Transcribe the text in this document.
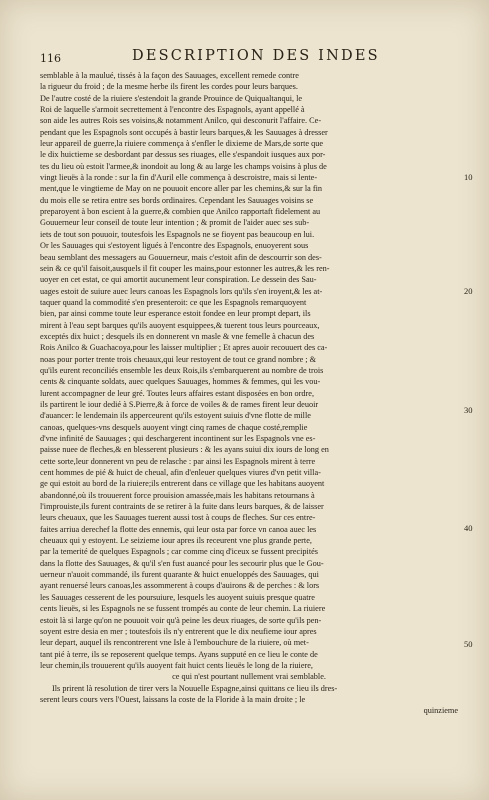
116	DESCRIPTION DES INDES
semblable à la maulué, tissés à la façon des Sauuages, excellent remede contre
la rigueur du froid ; de la mesme herbe ils firent les cordes pour leurs barques.
De l'autre costé de la riuiere s'estendoit la grande Prouince de Quiqualtanqui, le
Roi de laquelle s'armoit secrettement à l'encontre des Espagnols, ayant appellé à
son aide les autres Rois ses voisins,& notamment Anilco, qui desconurit l'affaire. Ce-
pendant que les Espagnols sont occupés à bastir leurs barques,& les Sauuages à dresser
leur appareil de guerre,la riuiere commença à s'enfler le dixieme de Mars,de sorte que
le dix huictieme se desbordant par dessus ses riuages, elle s'espandoit iusques aux por-
tes du lieu où estoit l'armee,& inondoit au long & au large les champs voisins à plus de
vingt lieuës à la ronde : sur la fin d'Auril elle commença à descroistre, mais si lente-
ment,que le vingtieme de May on ne pouuoit encore aller par les chemins,& sur la fin
du mois elle se retira entre ses bords ordinaires. Cependant les Sauuages voisins se
preparoyent à bon escient à la guerre,& combien que Anilco rapportaft fidelement au
Gouuerneur leur conseil de toute leur intention ; & promit de l'aider auec ses sub-
iets de tout son pouuoir, toutesfois les Espagnols ne se fioyent pas beaucoup en lui.
Or les Sauuages qui s'estoyent ligués à l'encontre des Espagnols, enuoyerent sous
beau semblant des messagers au Gouuerneur, mais c'estoit afin de descourrir son des-
sein & ce qu'il faisoit,ausquels il fit couper les mains,pour estonner les autres,& les ren-
uoyer en cet estat, ce qui amortit aucunement leur conspiration. Le dessein des Sau-
uages estoit de suiure auec leurs canoas les Espagnols lors qu'ils s'en iroyent,& les at-
taquer quand la commodité s'en presenteroit: ce que les Espagnols remarquoyent
bien, par ainsi comme toute leur esperance estoit fondee en leur prompt depart, ils
mirent à l'eau sept barques qu'ils auoyent esquippees,& tuerent tous leurs pourceaux,
exceptés dix huict ; desquels ils en donnerent vn masle & vne femelle à chacun des
Rois Anilco & Guachacoya,pour les laisser multiplier ; Et apres auoir recouuert des ca-
noas pour porter trente trois cheuaux,qui leur restoyent de tout ce grand nombre ; &
qu'ils eurent reconciliés ensemble les deux Rois,ils s'embarquerent au nombre de trois
cents & cinquante soldats, auec quelques Sauuages, hommes & femmes, qui les vou-
lurent accompagner de leur gré. Toutes leurs affaires estant disposées en bon ordre,
ils partirent le iour dedié à S.Pierre,& à force de voiles & de rames firent leur deuoir
d'auancer: le lendemain ils apperceurent qu'ils estoyent suiuis d'vne flotte de mille
canoas, quelques-vns desquels auoyent vingt cinq rames de chaque costé,remplie
d'vne infinité de Sauuages ; qui deschargerent incontinent sur les Espagnols vne es-
paisse nuee de fleches,& en blesserent plusieurs : & les ayans suiui dix iours de long en
cette sorte,leur donnerent vn peu de relasche : par ainsi les Espagnols mirent à terre
cent hommes de pié & huict de cheual, afin d'enleuer quelques viures d'vn petit villa-
ge qui estoit au bord de la riuiere;ils entrerent dans ce village que les habitans auoyent
abandonné,où ils trouuerent force prouision amassée,mais les habitans retournans à
l'improuiste,ils furent contraints de se retirer à la fuite dans leurs barques, & de laisser
leurs cheuaux, que les Sauuages tuerent aussi tost à coups de fleches. Sur ces entre-
faites arriua derechef la flotte des ennemis, qui leur osta par force vn canoa auec les
cheuaux qui y estoyent. Le seizieme iour apres ils receurent vne plus grande perte,
par la temerité de quelques Espagnols ; car comme cinq d'iceux se fussent precipités
dans la flotte des Sauuages, & qu'il s'en fust auancé pour les secourir plus que le Gou-
uerneur n'auoit commandé, ils furent quarante & huict enueloppés des Sauuages, qui
ayant renuersé leurs canoas,les assommerent à coups d'auirons & de perches : & lors
les Sauuages cesserent de les poursuiure, lesquels les auoyent suiuis presque quatre
cents lieuës, si les Espagnols ne se fussent trompés au conte de leur chemin. La riuiere
estoit là si large qu'on ne pouuoit voir qu'à peine les deux riuages, de sorte qu'ils pen-
soyent estre desia en mer ; toutesfois ils n'y entrerent que le dix neufieme iour apres
leur depart, auquel ils rencontrerent vne Isle à l'embouchure de la riuiere, où met-
tant pié à terre, ils se reposerent quelque temps. Ayans supputé en ce lieu le conte de
leur chemin,ils trouuerent qu'ils auoyent fait huict cents lieuës le long de la riuiere,
ce qui n'est pourtant nullement vrai semblable.
Ils prirent là resolution de tirer vers la Nouuelle Espagne,ainsi quittans ce lieu ils dres-
serent leurs cours vers l'Ouest, laissans la coste de la Floride à la main droite ; le
quinzieme
10
20
30
40
50
